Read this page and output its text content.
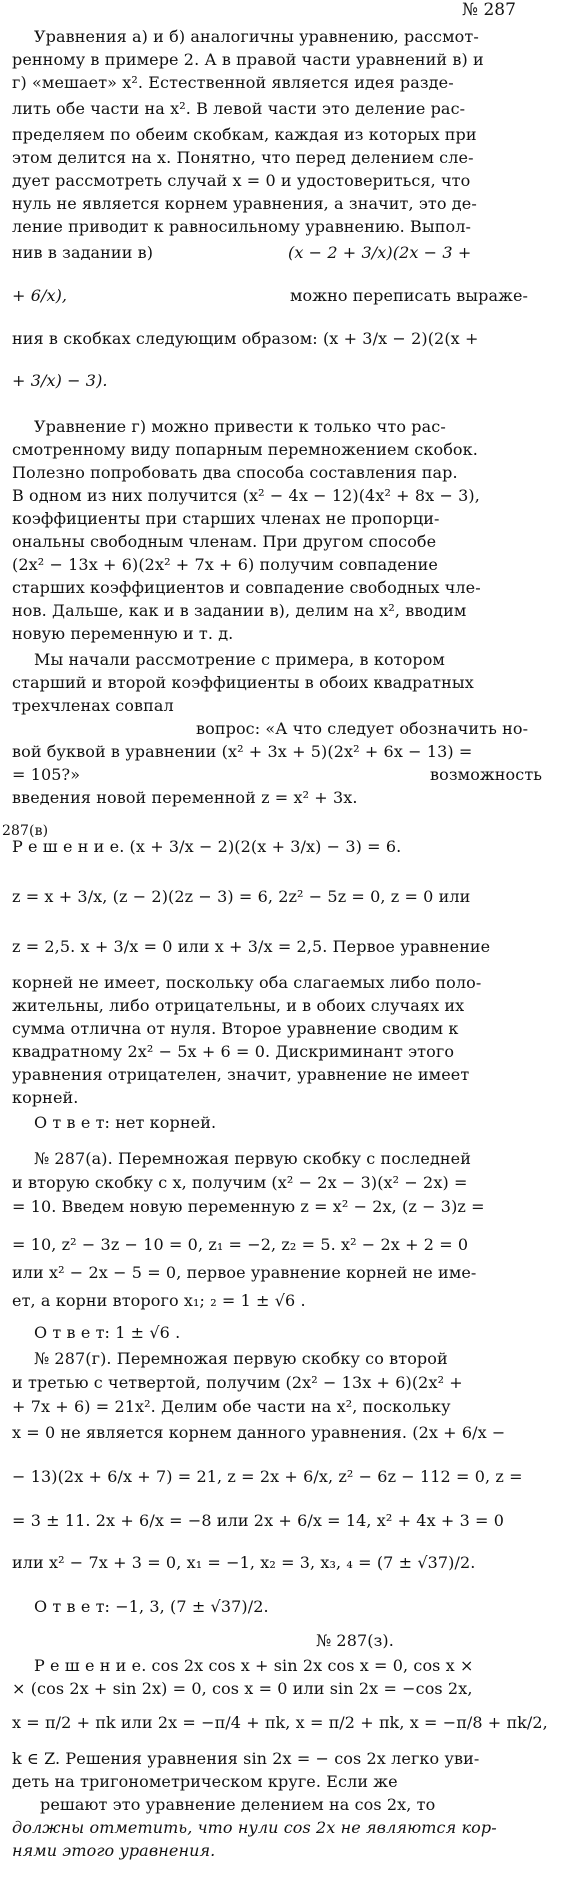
№ 287
Уравнения а) и б) аналогичны уравнению, рассмот-
ренному в примере 2. А в правой части уравнений в) и
г) «мешает» x². Естественной является идея разде-
лить обе части на x². В левой части это деление рас-
пределяем по обеим скобкам, каждая из которых при
этом делится на x. Понятно, что перед делением сле-
дует рассмотреть случай x = 0 и удостовериться, что
нуль не является корнем уравнения, а значит, это де-
ление приводит к равносильному уравнению. Выпол-
нив в задании в)	(x − 2 + 3/x)(2x − 3 +
+ 6/x),	можно переписать выраже-
ния в скобках следующим образом: (x + 3/x − 2)(2(x +
+ 3/x) − 3).
Уравнение г) можно привести к только что рас-
смотренному виду попарным перемножением скобок.
Полезно попробовать два способа составления пар.
В одном из них получится (x² − 4x − 12)(4x² + 8x − 3),
коэффициенты при старших членах не пропорци-
ональны свободным членам. При другом способе
(2x² − 13x + 6)(2x² + 7x + 6) получим совпадение
старших коэффициентов и совпадение свободных чле-
нов. Дальше, как и в задании в), делим на x², вводим
новую переменную и т. д.
Мы начали рассмотрение с примера, в котором
старший и второй коэффициенты в обоих квадратных
трехчленах совпал
вопрос: «А что следует обозначить но-
вой буквой в уравнении (x² + 3x + 5)(2x² + 6x − 13) =
= 105?»	возможность
введения новой переменной z = x² + 3x.
287(в)
Р е ш е н и е. (x + 3/x − 2)(2(x + 3/x) − 3) = 6.
z = x + 3/x, (z − 2)(2z − 3) = 6, 2z² − 5z = 0, z = 0 или
z = 2,5. x + 3/x = 0 или x + 3/x = 2,5. Первое уравнение
корней не имеет, поскольку оба слагаемых либо поло-
жительны, либо отрицательны, и в обоих случаях их
сумма отлична от нуля. Второе уравнение сводим к
квадратному 2x² − 5x + 6 = 0. Дискриминант этого
уравнения отрицателен, значит, уравнение не имеет
корней.
О т в е т: нет корней.
№ 287(а). Перемножая первую скобку с последней
и вторую скобку с x, получим (x² − 2x − 3)(x² − 2x) =
= 10. Введем новую переменную z = x² − 2x, (z − 3)z =
= 10, z² − 3z − 10 = 0, z₁ = −2, z₂ = 5. x² − 2x + 2 = 0
или x² − 2x − 5 = 0, первое уравнение корней не име-
ет, а корни второго x₁; ₂ = 1 ± √6 .
О т в е т: 1 ± √6 .
№ 287(г). Перемножая первую скобку со второй
и третью с четвертой, получим (2x² − 13x + 6)(2x² +
+ 7x + 6) = 21x². Делим обе части на x², поскольку
x = 0 не является корнем данного уравнения. (2x + 6/x −
− 13)(2x + 6/x + 7) = 21, z = 2x + 6/x, z² − 6z − 112 = 0, z =
= 3 ± 11. 2x + 6/x = −8 или 2x + 6/x = 14, x² + 4x + 3 = 0
или x² − 7x + 3 = 0, x₁ = −1, x₂ = 3, x₃, ₄ = (7 ± √37)/2.
О т в е т: −1, 3, (7 ± √37)/2.
№ 287(з).
Р е ш е н и е. cos 2x cos x + sin 2x cos x = 0, cos x ×
× (cos 2x + sin 2x) = 0, cos x = 0 или sin 2x = −cos 2x,
x = π/2 + πk или 2x = −π/4 + πk, x = π/2 + πk, x = −π/8 + πk/2,
k ∈ Z. Решения уравнения sin 2x = − cos 2x легко уви-
деть на тригонометрическом круге. Если же
решают это уравнение делением на cos 2x, то
должны отметить, что нули cos 2x не являются кор-
нями этого уравнения.
